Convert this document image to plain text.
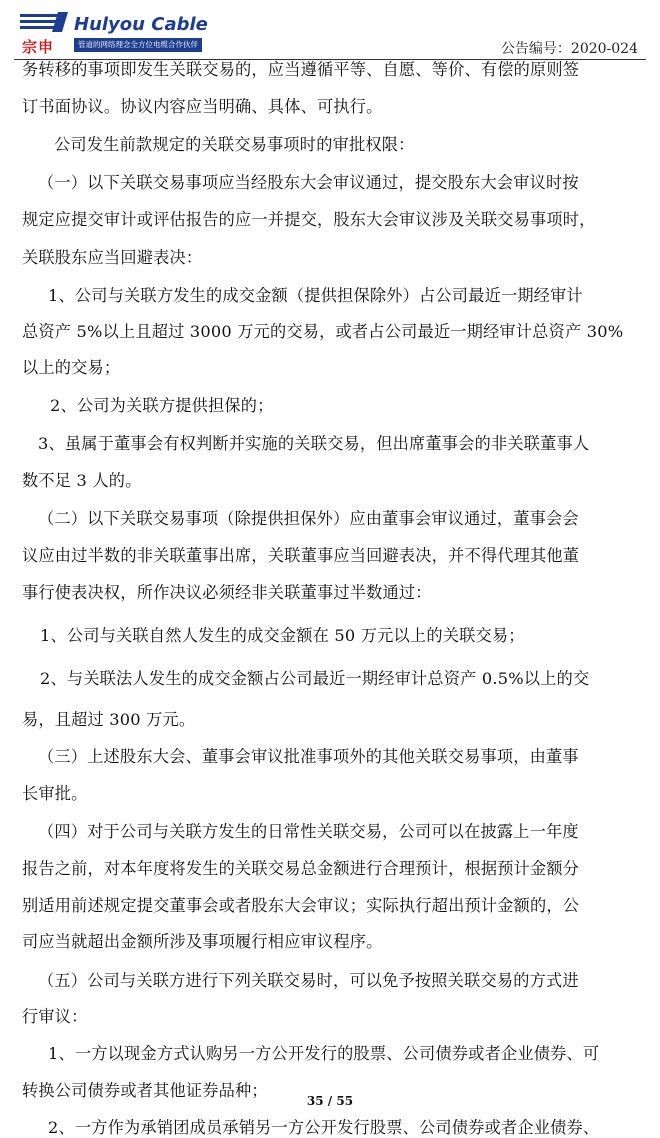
宗申
Hulyou Cable
管道的网络理念全方位电缆合作伙伴	公告编号：2020-024
务转移的事项即发生关联交易的，应当遵循平等、自愿、等价、有偿的原则签
订书面协议。协议内容应当明确、具体、可执行。
公司发生前款规定的关联交易事项时的审批权限：
（一）以下关联交易事项应当经股东大会审议通过，提交股东大会审议时按
规定应提交审计或评估报告的应一并提交，股东大会审议涉及关联交易事项时，
关联股东应当回避表决：
1、公司与关联方发生的成交金额（提供担保除外）占公司最近一期经审计
总资产 5%以上且超过 3000 万元的交易，或者占公司最近一期经审计总资产 30%
以上的交易；
2、公司为关联方提供担保的；
3、虽属于董事会有权判断并实施的关联交易，但出席董事会的非关联董事人
数不足 3 人的。
（二）以下关联交易事项（除提供担保外）应由董事会审议通过，董事会会
议应由过半数的非关联董事出席，关联董事应当回避表决，并不得代理其他董
事行使表决权，所作决议必须经非关联董事过半数通过：
1、公司与关联自然人发生的成交金额在 50 万元以上的关联交易；
2、与关联法人发生的成交金额占公司最近一期经审计总资产 0.5%以上的交
易，且超过 300 万元。
（三）上述股东大会、董事会审议批准事项外的其他关联交易事项，由董事
长审批。
（四）对于公司与关联方发生的日常性关联交易，公司可以在披露上一年度
报告之前，对本年度将发生的关联交易总金额进行合理预计，根据预计金额分
别适用前述规定提交董事会或者股东大会审议；实际执行超出预计金额的，公
司应当就超出金额所涉及事项履行相应审议程序。
（五）公司与关联方进行下列关联交易时，可以免予按照关联交易的方式进
行审议：
1、一方以现金方式认购另一方公开发行的股票、公司债券或者企业债券、可
转换公司债券或者其他证券品种；
2、一方作为承销团成员承销另一方公开发行股票、公司债券或者企业债券、
35 / 55
